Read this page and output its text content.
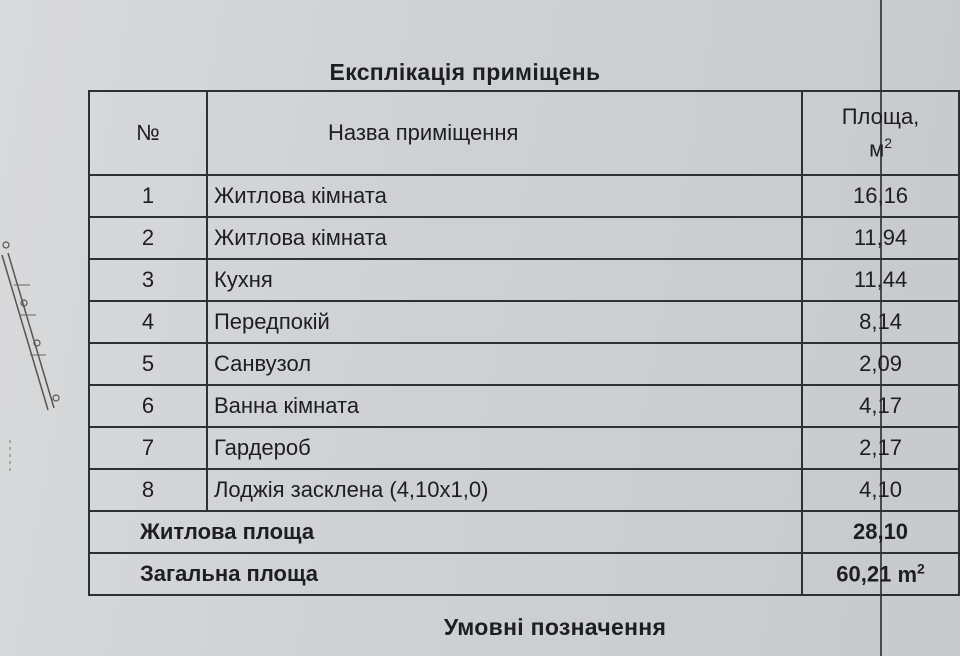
Експлікація приміщень
№	Назва приміщення	Площа,
$м^2$
1	Житлова кімната	16,16
2	Житлова кімната	11,94
3	Кухня	11,44
4	Передпокій	8,14
5	Санвузол	2,09
6	Ванна кімната	4,17
7	Гардероб	2,17
8	Лоджія засклена (4,10х1,0)	4,10
Житлова площа		28,10
Загальна площа		60,21 $m^2$
Умовні позначення
